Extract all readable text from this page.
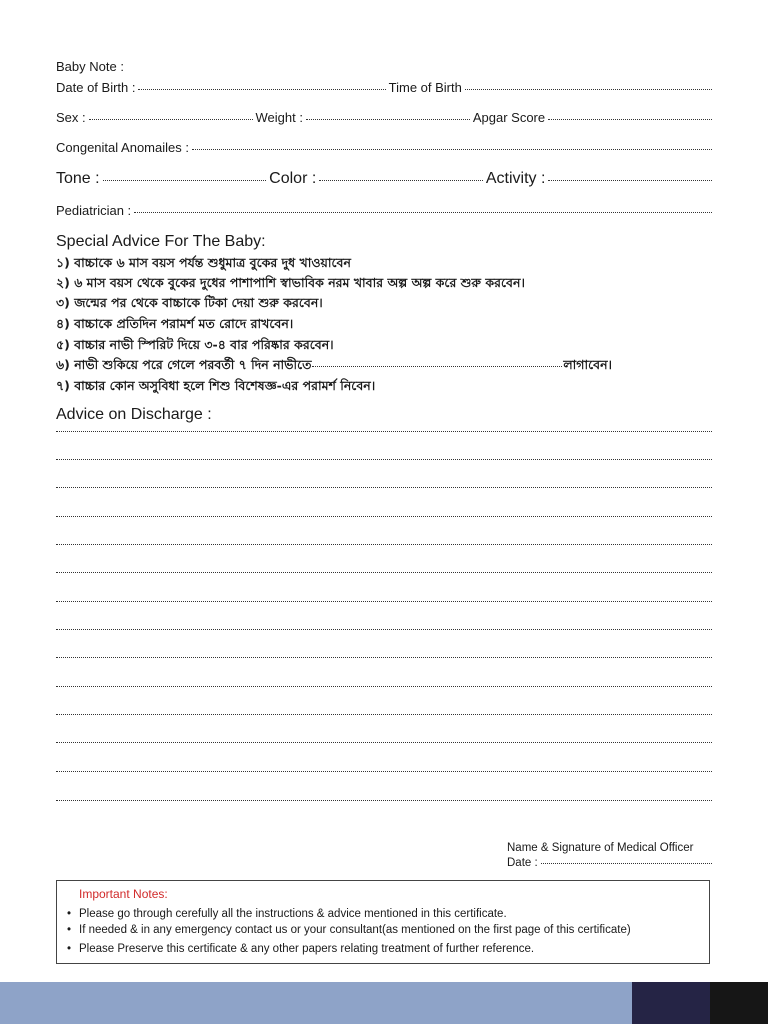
Baby Note :
Date of Birth :	Time of Birth
Sex :	Weight :	Apgar Score
Congenital Anomailes :
Tone :	Color :	Activity :
Pediatrician :
Special Advice For The Baby:
১) বাচ্চাকে ৬ মাস বয়স পর্যন্ত শুধুমাত্র বুকের দুধ খাওয়াবেন
২) ৬ মাস বয়স থেকে বুকের দুধের পাশাপাশি স্বাভাবিক নরম খাবার অল্প অল্প করে শুরু করবেন।
৩) জন্মের পর থেকে বাচ্চাকে টিকা দেয়া শুরু করবেন।
৪) বাচ্চাকে প্রতিদিন পরামর্শ মত রোদে রাখবেন।
৫) বাচ্চার নাভী স্পিরিট দিয়ে ৩-৪ বার পরিষ্কার করবেন।
৬) নাভী শুকিয়ে পরে গেলে পরবর্তী ৭ দিন নাভীতে	লাগাবেন।
৭) বাচ্চার কোন অসুবিধা হলে শিশু বিশেষজ্ঞ-এর পরামর্শ নিবেন।
Advice on Discharge :
Name & Signature of Medical Officer
Date :
Important Notes:
• Please go through cerefully all the instructions & advice mentioned in this certificate.
• If needed & in any emergency contact us or your consultant(as mentioned on the first page of this certificate)
• Please Preserve this certificate & any other papers relating treatment of further reference.
